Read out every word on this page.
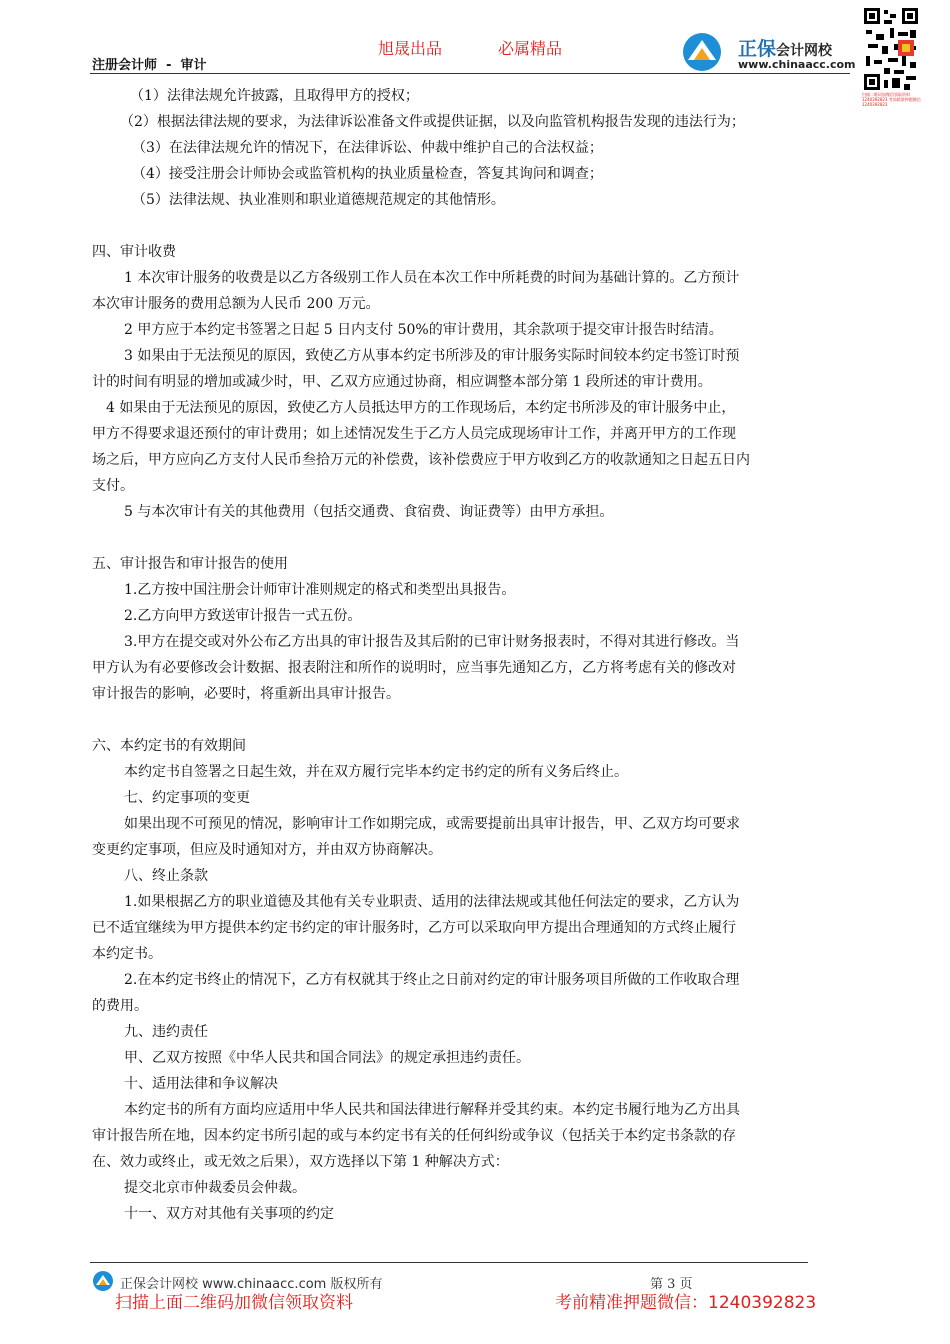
旭晟出品	必属精品
注册会计师 - 审计
正保会计网校
www.chinaacc.com
扫描二维码加微信领取资料 1240392823 考前精准押题微信 1240392823
（1）法律法规允许披露，且取得甲方的授权；
（2）根据法律法规的要求，为法律诉讼准备文件或提供证据，以及向监管机构报告发现的违法行为；
（3）在法律法规允许的情况下，在法律诉讼、仲裁中维护自己的合法权益；
（4）接受注册会计师协会或监管机构的执业质量检查，答复其询问和调查；
（5）法律法规、执业准则和职业道德规范规定的其他情形。
四、审计收费
1 本次审计服务的收费是以乙方各级别工作人员在本次工作中所耗费的时间为基础计算的。乙方预计
本次审计服务的费用总额为人民币 200 万元。
2 甲方应于本约定书签署之日起 5 日内支付 50%的审计费用，其余款项于提交审计报告时结清。
3 如果由于无法预见的原因，致使乙方从事本约定书所涉及的审计服务实际时间较本约定书签订时预
计的时间有明显的增加或减少时，甲、乙双方应通过协商，相应调整本部分第 1 段所述的审计费用。
4 如果由于无法预见的原因，致使乙方人员抵达甲方的工作现场后，本约定书所涉及的审计服务中止，
甲方不得要求退还预付的审计费用；如上述情况发生于乙方人员完成现场审计工作，并离开甲方的工作现
场之后，甲方应向乙方支付人民币叁拾万元的补偿费，该补偿费应于甲方收到乙方的收款通知之日起五日内
支付。
5 与本次审计有关的其他费用（包括交通费、食宿费、询证费等）由甲方承担。
五、审计报告和审计报告的使用
1.乙方按中国注册会计师审计准则规定的格式和类型出具报告。
2.乙方向甲方致送审计报告一式五份。
3.甲方在提交或对外公布乙方出具的审计报告及其后附的已审计财务报表时，不得对其进行修改。当
甲方认为有必要修改会计数据、报表附注和所作的说明时，应当事先通知乙方，乙方将考虑有关的修改对
审计报告的影响，必要时，将重新出具审计报告。
六、本约定书的有效期间
本约定书自签署之日起生效，并在双方履行完毕本约定书约定的所有义务后终止。
七、约定事项的变更
如果出现不可预见的情况，影响审计工作如期完成，或需要提前出具审计报告，甲、乙双方均可要求
变更约定事项，但应及时通知对方，并由双方协商解决。
八、终止条款
1.如果根据乙方的职业道德及其他有关专业职责、适用的法律法规或其他任何法定的要求，乙方认为
已不适宜继续为甲方提供本约定书约定的审计服务时，乙方可以采取向甲方提出合理通知的方式终止履行
本约定书。
2.在本约定书终止的情况下，乙方有权就其于终止之日前对约定的审计服务项目所做的工作收取合理
的费用。
九、违约责任
甲、乙双方按照《中华人民共和国合同法》的规定承担违约责任。
十、适用法律和争议解决
本约定书的所有方面均应适用中华人民共和国法律进行解释并受其约束。本约定书履行地为乙方出具
审计报告所在地，因本约定书所引起的或与本约定书有关的任何纠纷或争议（包括关于本约定书条款的存
在、效力或终止，或无效之后果），双方选择以下第 1 种解决方式：
提交北京市仲裁委员会仲裁。
十一、双方对其他有关事项的约定
正保会计网校 www.chinaacc.com 版权所有	第 3 页
扫描上面二维码加微信领取资料	考前精准押题微信：1240392823
